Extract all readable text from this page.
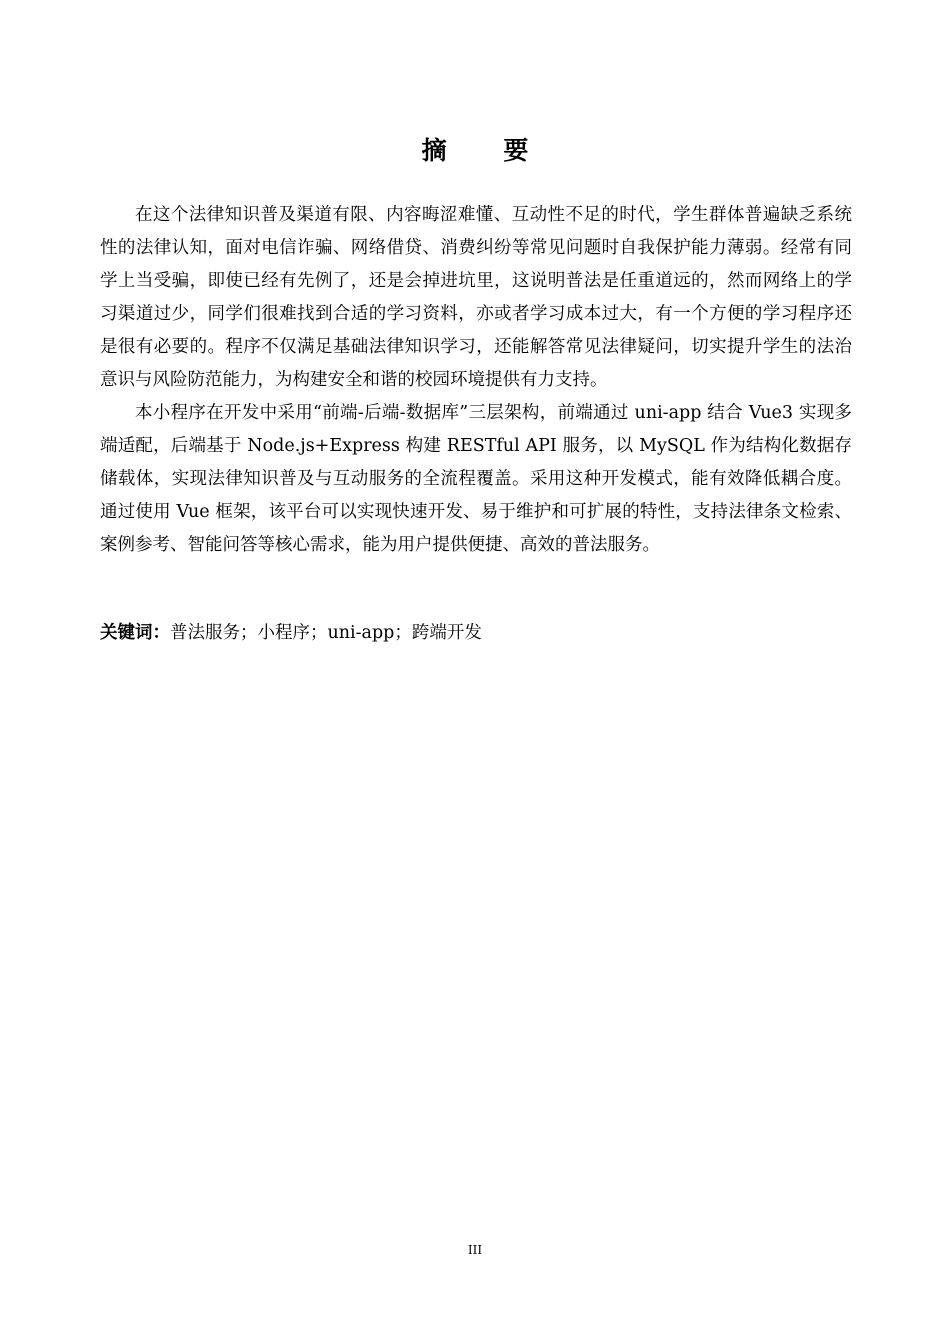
摘 要

在这个法律知识普及渠道有限、内容晦涩难懂、互动性不足的时代，学生群体普遍缺乏系统性的法律认知，面对电信诈骗、网络借贷、消费纠纷等常见问题时自我保护能力薄弱。经常有同学上当受骗，即使已经有先例了，还是会掉进坑里，这说明普法是任重道远的，然而网络上的学习渠道过少，同学们很难找到合适的学习资料，亦或者学习成本过大，有一个方便的学习程序还是很有必要的。程序不仅满足基础法律知识学习，还能解答常见法律疑问，切实提升学生的法治意识与风险防范能力，为构建安全和谐的校园环境提供有力支持。

本小程序在开发中采用“前端-后端-数据库”三层架构，前端通过 uni-app 结合 Vue3 实现多端适配，后端基于 Node.js+Express 构建 RESTful API 服务，以 MySQL 作为结构化数据存储载体，实现法律知识普及与互动服务的全流程覆盖。采用这种开发模式，能有效降低耦合度。通过使用 Vue 框架，该平台可以实现快速开发、易于维护和可扩展的特性，支持法律条文检索、案例参考、智能问答等核心需求，能为用户提供便捷、高效的普法服务。

关键词：普法服务；小程序；uni-app；跨端开发
III
